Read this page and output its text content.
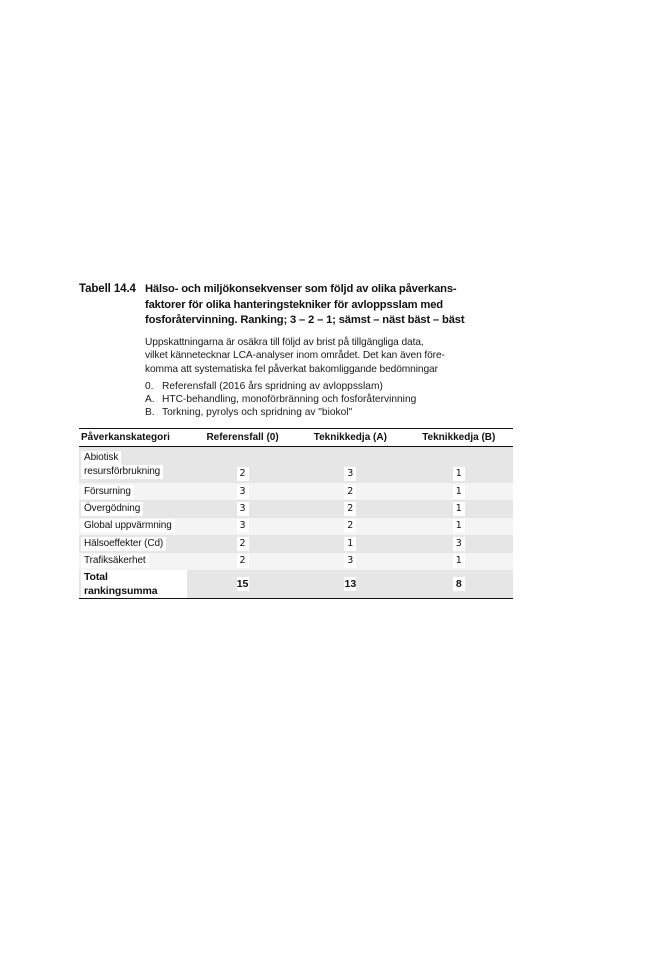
Tabell 14.4 Hälso- och miljökonsekvenser som följd av olika påverkans-
faktorer för olika hanteringstekniker för avloppsslam med
fosforåtervinning. Ranking; 3 – 2 – 1; sämst – näst bäst – bäst
Uppskattningarna är osäkra till följd av brist på tillgängliga data,
vilket kännetecknar LCA-analyser inom området. Det kan även före-
komma att systematiska fel påverkat bakomliggande bedömningar
0. Referensfall (2016 års spridning av avloppsslam)
A. HTC-behandling, monoförbränning och fosforåtervinning
B. Torkning, pyrolys och spridning av "biokol"
Påverkanskategori	Referensfall (0)	Teknikkedja (A)	Teknikkedja (B)
Abiotisk
resursförbrukning	2	3	1
Försurning	3	2	1
Övergödning	3	2	1
Global uppvärmning	3	2	1
Hälsoeffekter (Cd)	2	1	3
Trafiksäkerhet	2	3	1
Total rankingsumma	15	13	8
